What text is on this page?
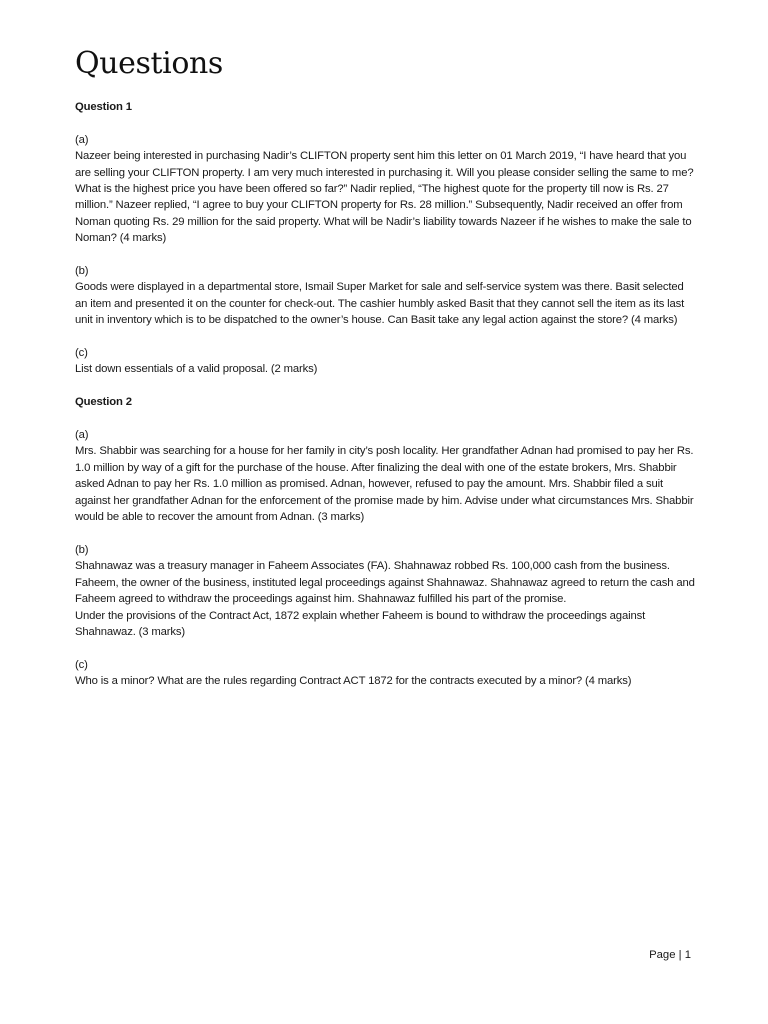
Questions

Question 1

(a)

Nazeer being interested in purchasing Nadir’s CLIFTON property sent him this letter on 01 March 2019, “I have heard that you are selling your CLIFTON property. I am very much interested in purchasing it. Will you please consider selling the same to me? What is the highest price you have been offered so far?” Nadir replied, “The highest quote for the property till now is Rs. 27 million.” Nazeer replied, “I agree to buy your CLIFTON property for Rs. 28 million.” Subsequently, Nadir received an offer from Noman quoting Rs. 29 million for the said property. What will be Nadir’s liability towards Nazeer if he wishes to make the sale to Noman? (4 marks)

(b)

Goods were displayed in a departmental store, Ismail Super Market for sale and self-service system was there. Basit selected an item and presented it on the counter for check-out. The cashier humbly asked Basit that they cannot sell the item as its last unit in inventory which is to be dispatched to the owner’s house. Can Basit take any legal action against the store? (4 marks)

(c)

List down essentials of a valid proposal. (2 marks)

Question 2

(a)

Mrs. Shabbir was searching for a house for her family in city’s posh locality. Her grandfather Adnan had promised to pay her Rs. 1.0 million by way of a gift for the purchase of the house. After finalizing the deal with one of the estate brokers, Mrs. Shabbir asked Adnan to pay her Rs. 1.0 million as promised. Adnan, however, refused to pay the amount. Mrs. Shabbir filed a suit against her grandfather Adnan for the enforcement of the promise made by him. Advise under what circumstances Mrs. Shabbir would be able to recover the amount from Adnan. (3 marks)

(b)

Shahnawaz was a treasury manager in Faheem Associates (FA). Shahnawaz robbed Rs. 100,000 cash from the business. Faheem, the owner of the business, instituted legal proceedings against Shahnawaz. Shahnawaz agreed to return the cash and Faheem agreed to withdraw the proceedings against him. Shahnawaz fulfilled his part of the promise.

Under the provisions of the Contract Act, 1872 explain whether Faheem is bound to withdraw the proceedings against Shahnawaz. (3 marks)

(c)

Who is a minor? What are the rules regarding Contract ACT 1872 for the contracts executed by a minor? (4 marks)

Page | 1
